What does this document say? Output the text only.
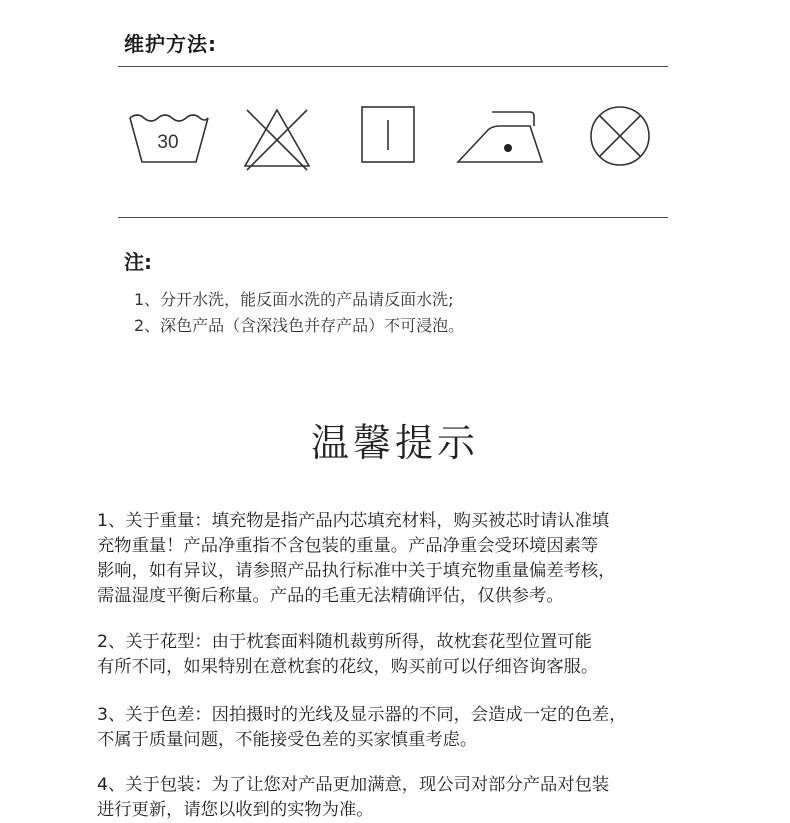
维护方法:
30
注:
1、分开水洗，能反面水洗的产品请反面水洗;
2、深色产品（含深浅色并存产品）不可浸泡。
温馨提示

1、关于重量：填充物是指产品内芯填充材料，购买被芯时请认准填

充物重量！产品净重指不含包装的重量。产品净重会受环境因素等

影响，如有异议，请参照产品执行标准中关于填充物重量偏差考核，

需温湿度平衡后称量。产品的毛重无法精确评估，仅供参考。

2、关于花型：由于枕套面料随机裁剪所得，故枕套花型位置可能

有所不同，如果特别在意枕套的花纹，购买前可以仔细咨询客服。

3、关于色差：因拍摄时的光线及显示器的不同，会造成一定的色差，

不属于质量问题，不能接受色差的买家慎重考虑。

4、关于包装：为了让您对产品更加满意，现公司对部分产品对包装

进行更新，请您以收到的实物为准。
